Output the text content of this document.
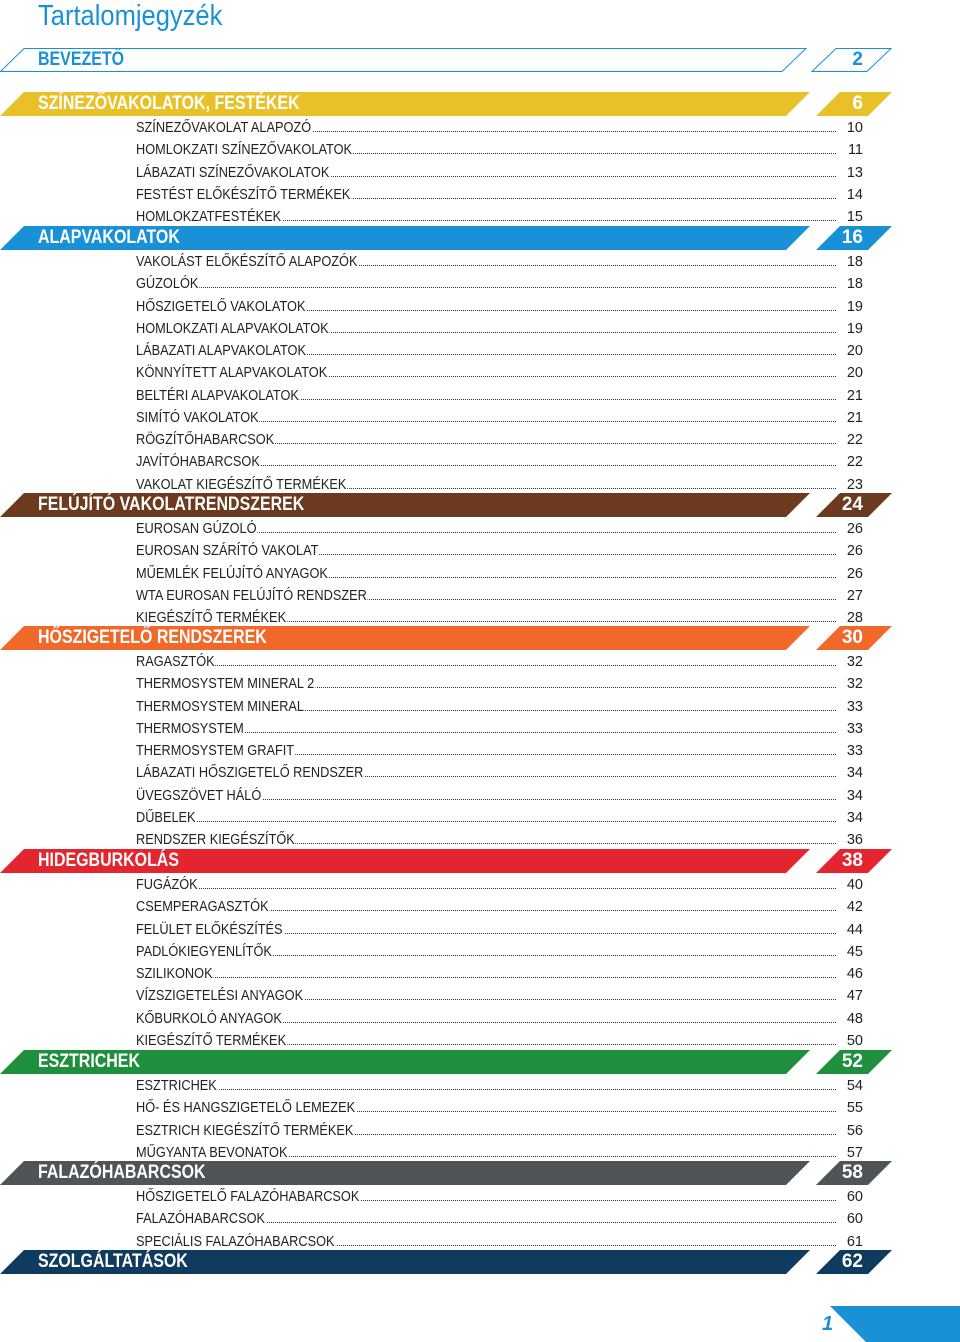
Tartalomjegyzék
BEVEZETŐ	2
SZÍNEZŐVAKOLATOK, FESTÉKEK	6
SZÍNEZŐVAKOLAT ALAPOZÓ	10
HOMLOKZATI SZÍNEZŐVAKOLATOK	11
LÁBAZATI SZÍNEZŐVAKOLATOK	13
FESTÉST ELŐKÉSZÍTŐ TERMÉKEK	14
HOMLOKZATFESTÉKEK	15
ALAPVAKOLATOK	16
VAKOLÁST ELŐKÉSZÍTŐ ALAPOZÓK	18
GÚZOLÓK	18
HŐSZIGETELŐ VAKOLATOK	19
HOMLOKZATI ALAPVAKOLATOK	19
LÁBAZATI ALAPVAKOLATOK	20
KÖNNYÍTETT ALAPVAKOLATOK	20
BELTÉRI ALAPVAKOLATOK	21
SIMÍTÓ VAKOLATOK	21
RÖGZÍTŐHABARCSOK	22
JAVÍTÓHABARCSOK	22
VAKOLAT KIEGÉSZÍTŐ TERMÉKEK	23
FELÚJÍTÓ VAKOLATRENDSZEREK	24
EUROSAN GÚZOLÓ	26
EUROSAN SZÁRÍTÓ VAKOLAT	26
MŰEMLÉK FELÚJÍTÓ ANYAGOK	26
WTA EUROSAN FELÚJÍTÓ RENDSZER	27
KIEGÉSZÍTŐ TERMÉKEK	28
HŐSZIGETELŐ RENDSZEREK	30
RAGASZTÓK	32
THERMOSYSTEM MINERAL 2	32
THERMOSYSTEM MINERAL	33
THERMOSYSTEM	33
THERMOSYSTEM GRAFIT	33
LÁBAZATI HŐSZIGETELŐ RENDSZER	34
ÜVEGSZÖVET HÁLÓ	34
DŰBELEK	34
RENDSZER KIEGÉSZÍTŐK	36
HIDEGBURKOLÁS	38
FUGÁZÓK	40
CSEMPERAGASZTÓK	42
FELÜLET ELŐKÉSZÍTÉS	44
PADLÓKIEGYENLÍTŐK	45
SZILIKONOK	46
VÍZSZIGETELÉSI ANYAGOK	47
KŐBURKOLÓ ANYAGOK	48
KIEGÉSZÍTŐ TERMÉKEK	50
ESZTRICHEK	52
ESZTRICHEK	54
HŐ- ÉS HANGSZIGETELŐ LEMEZEK	55
ESZTRICH KIEGÉSZÍTŐ TERMÉKEK	56
MŰGYANTA BEVONATOK	57
FALAZÓHABARCSOK	58
HŐSZIGETELŐ FALAZÓHABARCSOK	60
FALAZÓHABARCSOK	60
SPECIÁLIS FALAZÓHABARCSOK	61
SZOLGÁLTATÁSOK	62
1
